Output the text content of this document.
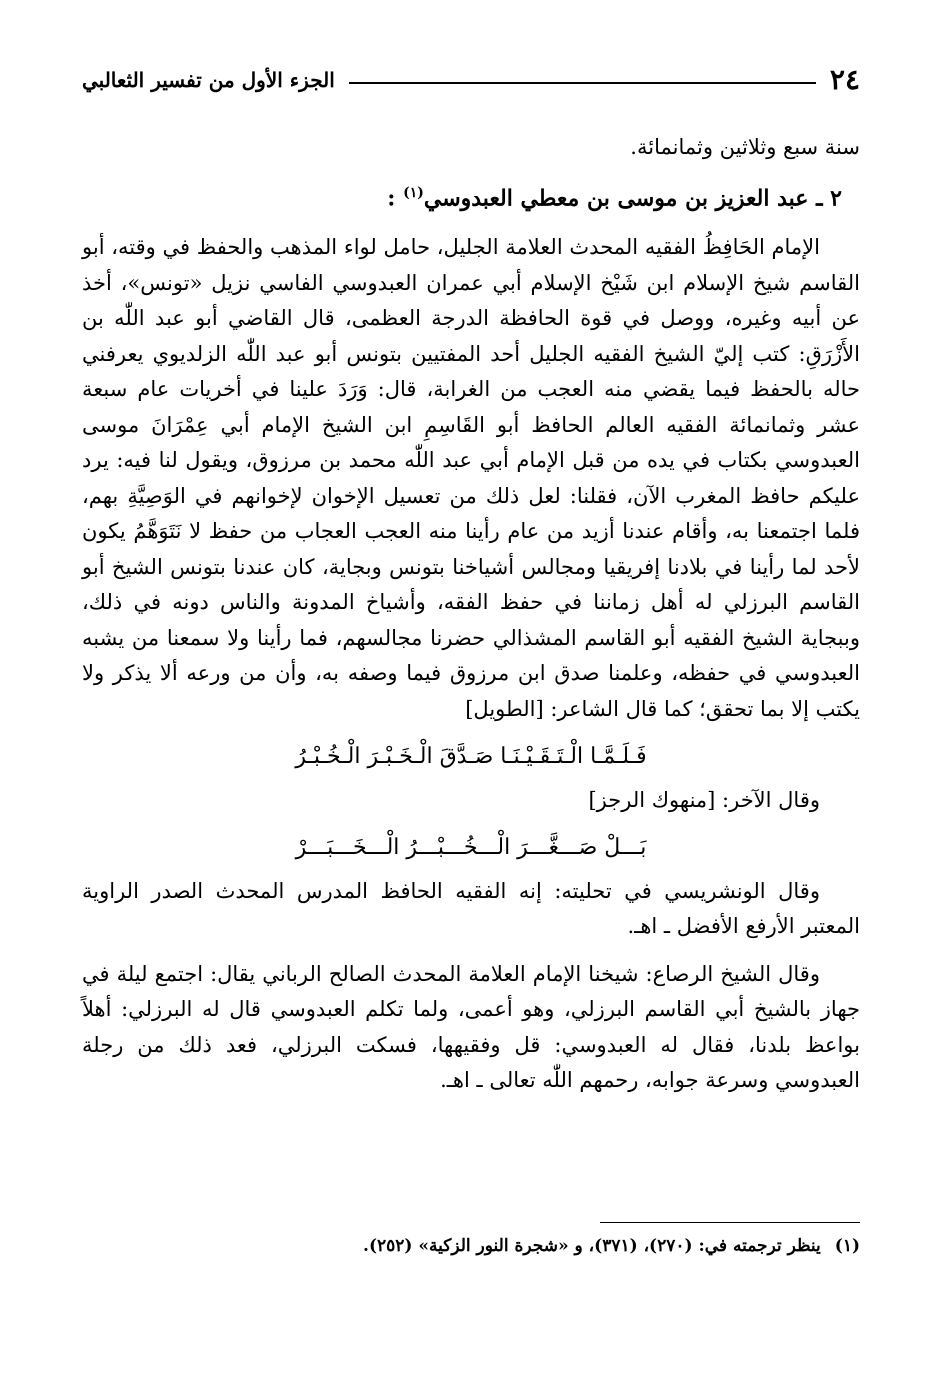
٢٤
الجزء الأول من تفسير الثعالبي

سنة سبع وثلاثين وثمانمائة.

٢ ـ عبد العزيز بن موسى بن معطي العبدوسي$^{(١)}$ :

الإمام الحَافِظُ الفقيه المحدث العلامة الجليل، حامل لواء المذهب والحفظ في وقته، أبو القاسم شيخ الإسلام ابن شَيْخ الإسلام أبي عمران العبدوسي الفاسي نزيل «تونس»، أخذ عن أبيه وغيره، ووصل في قوة الحافظة الدرجة العظمى، قال القاضي أبو عبد اللّٰه بن الأَزْرَقِ: كتب إليّ الشيخ الفقيه الجليل أحد المفتيين بتونس أبو عبد اللّٰه الزلديوي يعرفني حاله بالحفظ فيما يقضي منه العجب من الغرابة، قال: وَرَدَ علينا في أخريات عام سبعة عشر وثمانمائة الفقيه العالم الحافظ أبو القَاسِمِ ابن الشيخ الإمام أبي عِمْرَانَ موسى العبدوسي بكتاب في يده من قبل الإمام أبي عبد اللّٰه محمد بن مرزوق، ويقول لنا فيه: يرد عليكم حافظ المغرب الآن، فقلنا: لعل ذلك من تعسيل الإخوان لإخوانهم في الوَصِيَّةِ بهم، فلما اجتمعنا به، وأقام عندنا أزيد من عام رأينا منه العجب العجاب من حفظ لا نَتَوَهَّمُ يكون لأحد لما رأينا في بلادنا إفريقيا ومجالس أشياخنا بتونس وبجاية، كان عندنا بتونس الشيخ أبو القاسم البرزلي له أهل زماننا في حفظ الفقه، وأشياخ المدونة والناس دونه في ذلك، وببجاية الشيخ الفقيه أبو القاسم المشذالي حضرنا مجالسهم، فما رأينا ولا سمعنا من يشبه العبدوسي في حفظه، وعلمنا صدق ابن مرزوق فيما وصفه به، وأن من ورعه ألا يذكر ولا يكتب إلا بما تحقق؛ كما قال الشاعر: [الطويل]

فَـلَـمَّـا الْـتَـقَـيْـنَـا صَـدَّقَ الْـخَـبْـرَ الْـخُـبْـرُ

وقال الآخر: [منهوك الرجز]

بَـــلْ صَـــغَّـــرَ الْـــخُـــبْـــرُ الْـــخَـــبَـــرْ

وقال الونشريسي في تحليته: إنه الفقيه الحافظ المدرس المحدث الصدر الراوية المعتبر الأرفع الأفضل ـ اهـ.

وقال الشيخ الرصاع: شيخنا الإمام العلامة المحدث الصالح الرباني يقال: اجتمع ليلة في جهاز بالشيخ أبي القاسم البرزلي، وهو أعمى، ولما تكلم العبدوسي قال له البرزلي: أهلاً بواعظ بلدنا، فقال له العبدوسي: قل وفقيهها، فسكت البرزلي، فعد ذلك من رجلة العبدوسي وسرعة جوابه، رحمهم اللّٰه تعالى ـ اهـ.

(١)ينظر ترجمته في: (٢٧٠)، (٣٧١)، و «شجرة النور الزكية» (٢٥٢).
